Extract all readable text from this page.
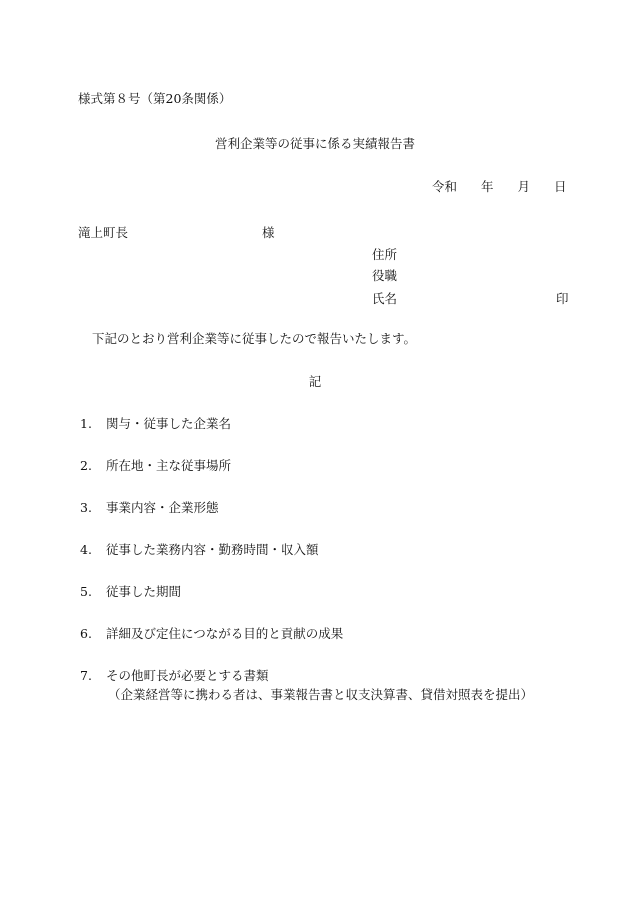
様式第８号（第20条関係）
営利企業等の従事に係る実績報告書
令和 年 月 日
滝上町長	様
住所
役職
氏名	印
下記のとおり営利企業等に従事したので報告いたします。
記
1. 関与・従事した企業名
2. 所在地・主な従事場所
3. 事業内容・企業形態
4. 従事した業務内容・勤務時間・収入額
5. 従事した期間
6. 詳細及び定住につながる目的と貢献の成果
7. その他町長が必要とする書類
（企業経営等に携わる者は、事業報告書と収支決算書、貸借対照表を提出）
